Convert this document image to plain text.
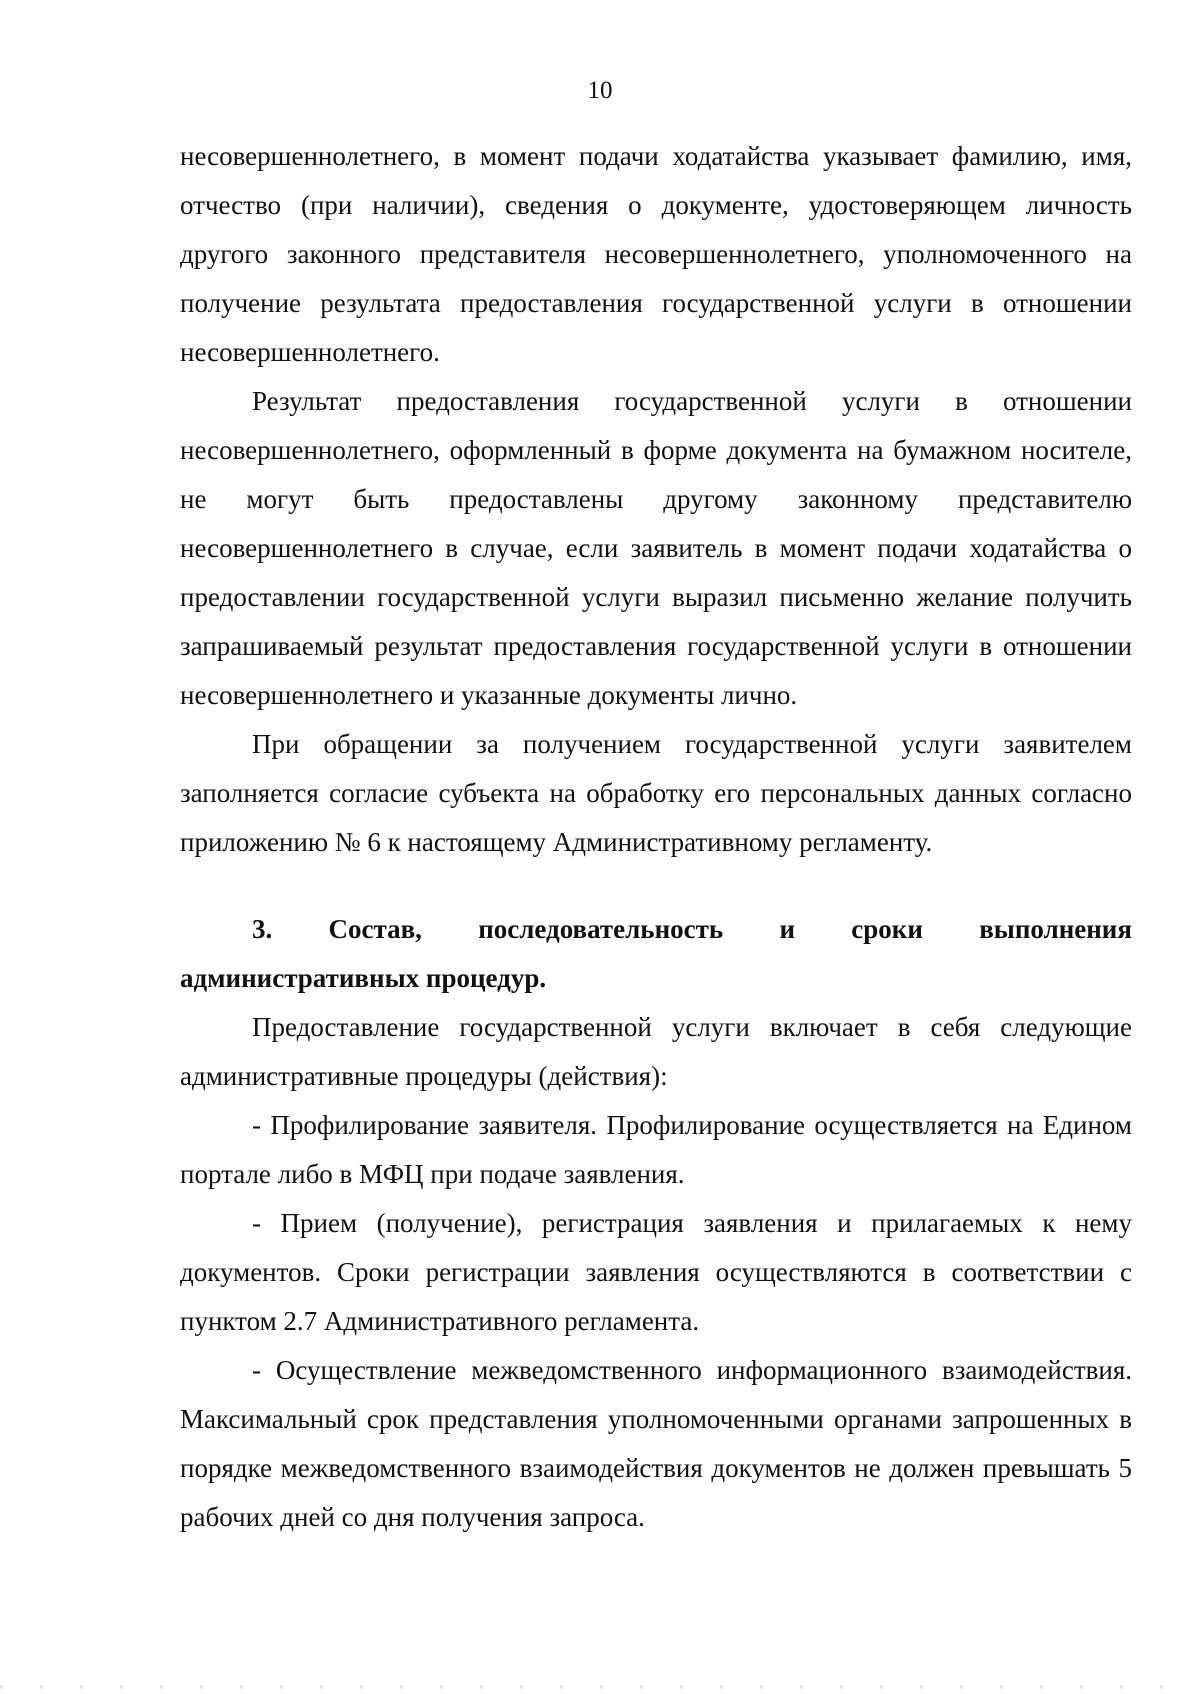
10

несовершеннолетнего, в момент подачи ходатайства указывает фамилию, имя, отчество (при наличии), сведения о документе, удостоверяющем личность другого законного представителя несовершеннолетнего, уполномоченного на получение результата предоставления государственной услуги в отношении несовершеннолетнего.

Результат предоставления государственной услуги в отношении несовершеннолетнего, оформленный в форме документа на бумажном носителе, не могут быть предоставлены другому законному представителю несовершеннолетнего в случае, если заявитель в момент подачи ходатайства о предоставлении государственной услуги выразил письменно желание получить запрашиваемый результат предоставления государственной услуги в отношении несовершеннолетнего и указанные документы лично.

При обращении за получением государственной услуги заявителем заполняется согласие субъекта на обработку его персональных данных согласно приложению № 6 к настоящему Административному регламенту.

3. Состав, последовательность и сроки выполнения
административных процедур.

Предоставление государственной услуги включает в себя следующие административные процедуры (действия):

- Профилирование заявителя. Профилирование осуществляется на Едином портале либо в МФЦ при подаче заявления.

- Прием (получение), регистрация заявления и прилагаемых к нему документов. Сроки регистрации заявления осуществляются в соответствии с пунктом 2.7 Административного регламента.

- Осуществление межведомственного информационного взаимодействия. Максимальный срок представления уполномоченными органами запрошенных в порядке межведомственного взаимодействия документов не должен превышать 5 рабочих дней со дня получения запроса.
